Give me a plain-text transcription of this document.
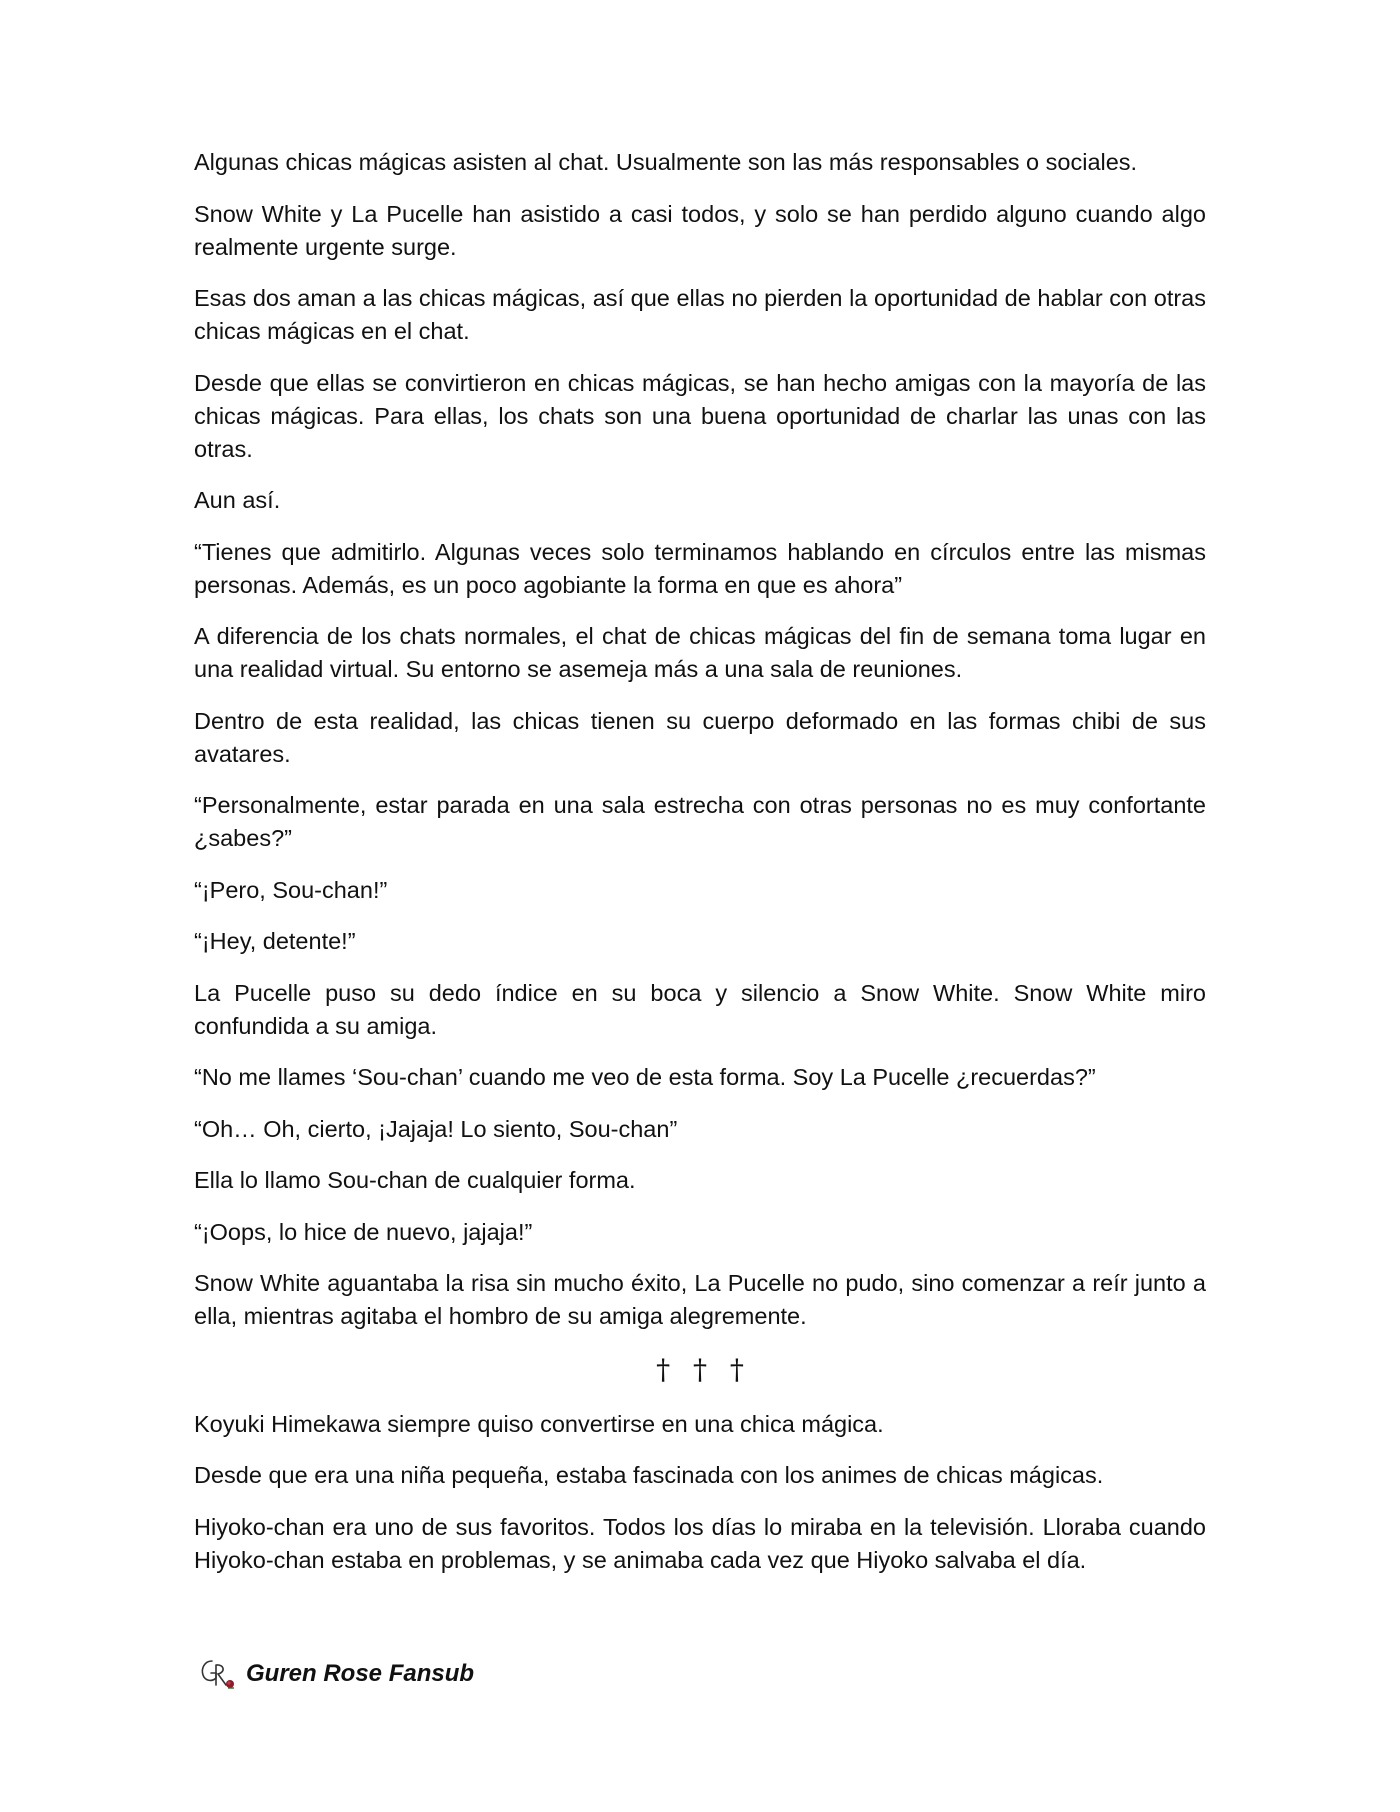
Algunas chicas mágicas asisten al chat. Usualmente son las más responsables o sociales.

Snow White y La Pucelle han asistido a casi todos, y solo se han perdido alguno cuando algo realmente urgente surge.

Esas dos aman a las chicas mágicas, así que ellas no pierden la oportunidad de hablar con otras chicas mágicas en el chat.

Desde que ellas se convirtieron en chicas mágicas, se han hecho amigas con la mayoría de las chicas mágicas. Para ellas, los chats son una buena oportunidad de charlar las unas con las otras.

Aun así.

“Tienes que admitirlo. Algunas veces solo terminamos hablando en círculos entre las mismas personas. Además, es un poco agobiante la forma en que es ahora”

A diferencia de los chats normales, el chat de chicas mágicas del fin de semana toma lugar en una realidad virtual. Su entorno se asemeja más a una sala de reuniones.

Dentro de esta realidad, las chicas tienen su cuerpo deformado en las formas chibi de sus avatares.

“Personalmente, estar parada en una sala estrecha con otras personas no es muy confortante ¿sabes?”

“¡Pero, Sou-chan!”

“¡Hey, detente!”

La Pucelle puso su dedo índice en su boca y silencio a Snow White. Snow White miro confundida a su amiga.

“No me llames ‘Sou-chan’ cuando me veo de esta forma. Soy La Pucelle ¿recuerdas?”

“Oh… Oh, cierto, ¡Jajaja! Lo siento, Sou-chan”

Ella lo llamo Sou-chan de cualquier forma.

“¡Oops, lo hice de nuevo, jajaja!”

Snow White aguantaba la risa sin mucho éxito, La Pucelle no pudo, sino comenzar a reír junto a ella, mientras agitaba el hombro de su amiga alegremente.

† † †

Koyuki Himekawa siempre quiso convertirse en una chica mágica.

Desde que era una niña pequeña, estaba fascinada con los animes de chicas mágicas.

Hiyoko-chan era uno de sus favoritos. Todos los días lo miraba en la televisión. Lloraba cuando Hiyoko-chan estaba en problemas, y se animaba cada vez que Hiyoko salvaba el día.

Guren Rose Fansub
